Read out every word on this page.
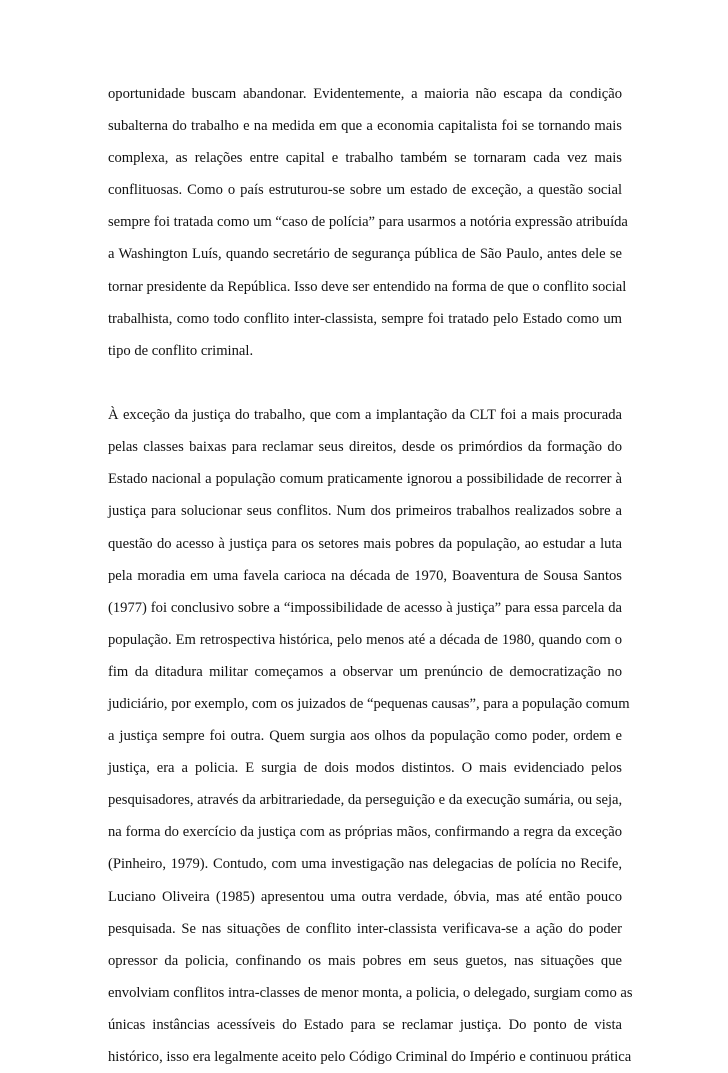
oportunidade buscam abandonar. Evidentemente, a maioria não escapa da condição
subalterna do trabalho e na medida em que a economia capitalista foi se tornando mais
complexa, as relações entre capital e trabalho também se tornaram cada vez mais
conflituosas. Como o país estruturou-se sobre um estado de exceção, a questão social
sempre foi tratada como um “caso de polícia” para usarmos a notória expressão atribuída
a Washington Luís, quando secretário de segurança pública de São Paulo, antes dele se
tornar presidente da República. Isso deve ser entendido na forma de que o conflito social
trabalhista, como todo conflito inter-classista, sempre foi tratado pelo Estado como um
tipo de conflito criminal.
À exceção da justiça do trabalho, que com a implantação da CLT foi a mais procurada
pelas classes baixas para reclamar seus direitos, desde os primórdios da formação do
Estado nacional a população comum praticamente ignorou a possibilidade de recorrer à
justiça para solucionar seus conflitos. Num dos primeiros trabalhos realizados sobre a
questão do acesso à justiça para os setores mais pobres da população, ao estudar a luta
pela moradia em uma favela carioca na década de 1970, Boaventura de Sousa Santos
(1977) foi conclusivo sobre a “impossibilidade de acesso à justiça” para essa parcela da
população. Em retrospectiva histórica, pelo menos até a década de 1980, quando com o
fim da ditadura militar começamos a observar um prenúncio de democratização no
judiciário, por exemplo, com os juizados de “pequenas causas”, para a população comum
a justiça sempre foi outra. Quem surgia aos olhos da população como poder, ordem e
justiça, era a policia. E surgia de dois modos distintos. O mais evidenciado pelos
pesquisadores, através da arbitrariedade, da perseguição e da execução sumária, ou seja,
na forma do exercício da justiça com as próprias mãos, confirmando a regra da exceção
(Pinheiro, 1979). Contudo, com uma investigação nas delegacias de polícia no Recife,
Luciano Oliveira (1985) apresentou uma outra verdade, óbvia, mas até então pouco
pesquisada. Se nas situações de conflito inter-classista verificava-se a ação do poder
opressor da policia, confinando os mais pobres em seus guetos, nas situações que
envolviam conflitos intra-classes de menor monta, a policia, o delegado, surgiam como as
únicas instâncias acessíveis do Estado para se reclamar justiça. Do ponto de vista
histórico, isso era legalmente aceito pelo Código Criminal do Império e continuou prática
